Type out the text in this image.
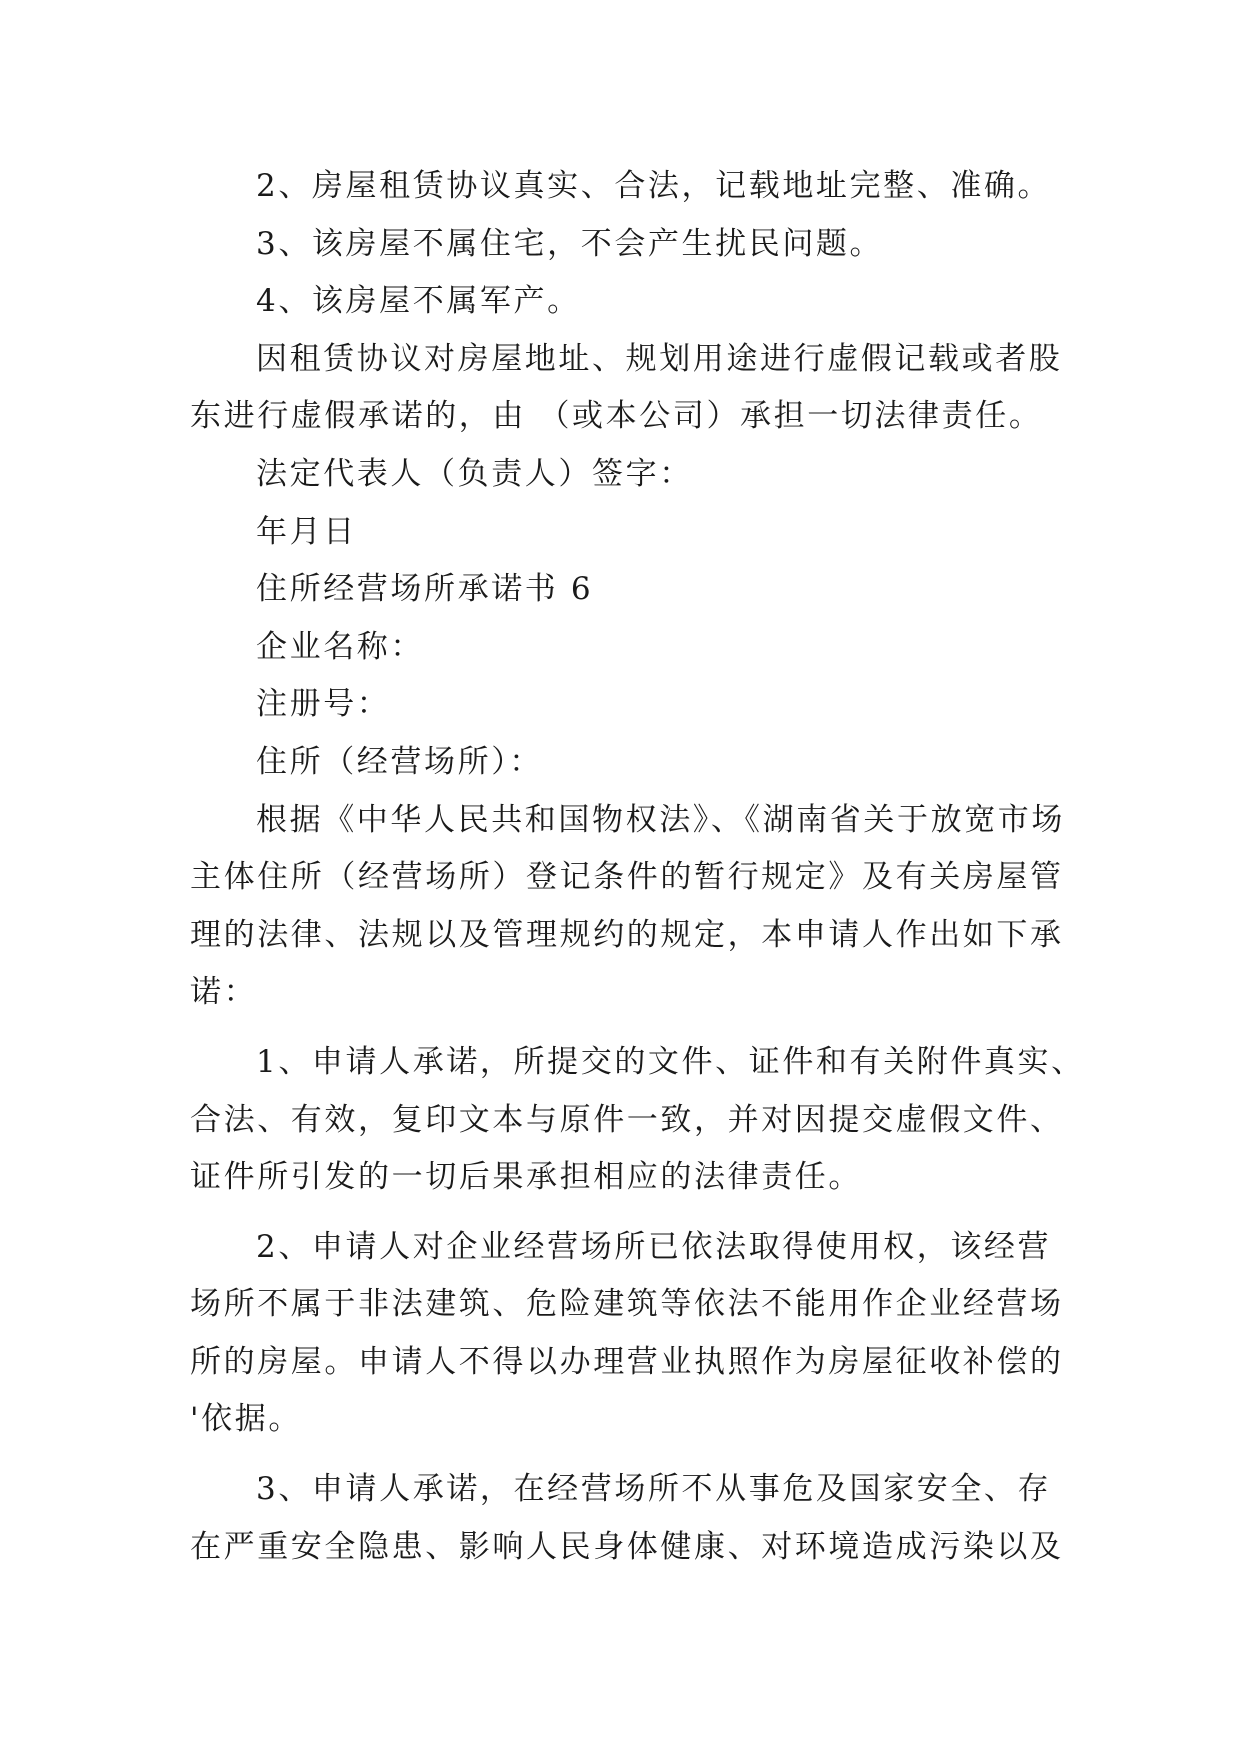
2、房屋租赁协议真实、合法，记载地址完整、准确。
3、该房屋不属住宅，不会产生扰民问题。
4、该房屋不属军产。
因租赁协议对房屋地址、规划用途进行虚假记载或者股
东进行虚假承诺的，由 （或本公司）承担一切法律责任。
法定代表人（负责人）签字：
年月日
住所经营场所承诺书 6
企业名称：
注册号：
住所（经营场所）：
根据《中华人民共和国物权法》、《湖南省关于放宽市场
主体住所（经营场所）登记条件的暂行规定》及有关房屋管
理的法律、法规以及管理规约的规定，本申请人作出如下承
诺：
1、申请人承诺，所提交的文件、证件和有关附件真实、
合法、有效，复印文本与原件一致，并对因提交虚假文件、
证件所引发的一切后果承担相应的法律责任。
2、申请人对企业经营场所已依法取得使用权，该经营
场所不属于非法建筑、危险建筑等依法不能用作企业经营场
所的房屋。申请人不得以办理营业执照作为房屋征收补偿的
'依据。
3、申请人承诺，在经营场所不从事危及国家安全、存
在严重安全隐患、影响人民身体健康、对环境造成污染以及
